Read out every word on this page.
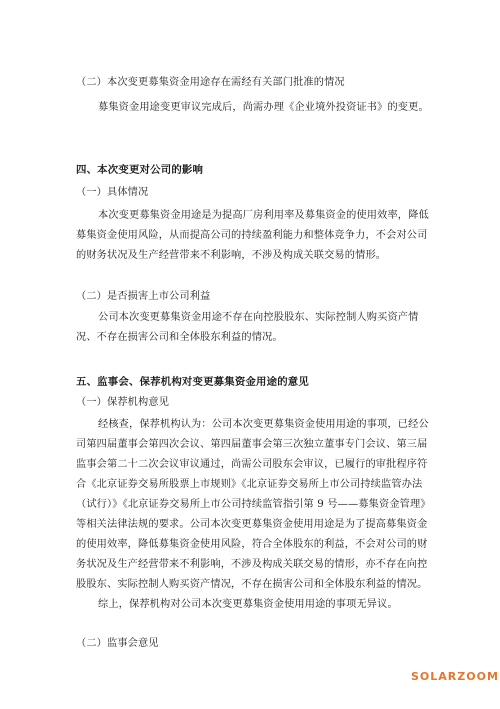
（二）本次变更募集资金用途存在需经有关部门批准的情况
募集资金用途变更审议完成后，尚需办理《企业境外投资证书》的变更。
四、本次变更对公司的影响
（一）具体情况
本次变更募集资金用途是为提高厂房利用率及募集资金的使用效率，降低
募集资金使用风险，从而提高公司的持续盈利能力和整体竞争力，不会对公司
的财务状况及生产经营带来不利影响，不涉及构成关联交易的情形。
（二）是否损害上市公司利益
公司本次变更募集资金用途不存在向控股股东、实际控制人购买资产情
况、不存在损害公司和全体股东利益的情况。
五、监事会、保荐机构对变更募集资金用途的意见
（一）保荐机构意见
经核查，保荐机构认为：公司本次变更募集资金使用用途的事项，已经公
司第四届董事会第四次会议、第四届董事会第三次独立董事专门会议、第三届
监事会第二十二次会议审议通过，尚需公司股东会审议，已履行的审批程序符
合《北京证券交易所股票上市规则》《北京证券交易所上市公司持续监管办法
（试行）》《北京证券交易所上市公司持续监管指引第 9 号——募集资金管理》
等相关法律法规的要求。公司本次变更募集资金使用用途是为了提高募集资金
的使用效率，降低募集资金使用风险，符合全体股东的利益，不会对公司的财
务状况及生产经营带来不利影响，不涉及构成关联交易的情形，亦不存在向控
股股东、实际控制人购买资产情况，不存在损害公司和全体股东利益的情况。
综上，保荐机构对公司本次变更募集资金使用用途的事项无异议。
（二）监事会意见
SOLARZOOM
